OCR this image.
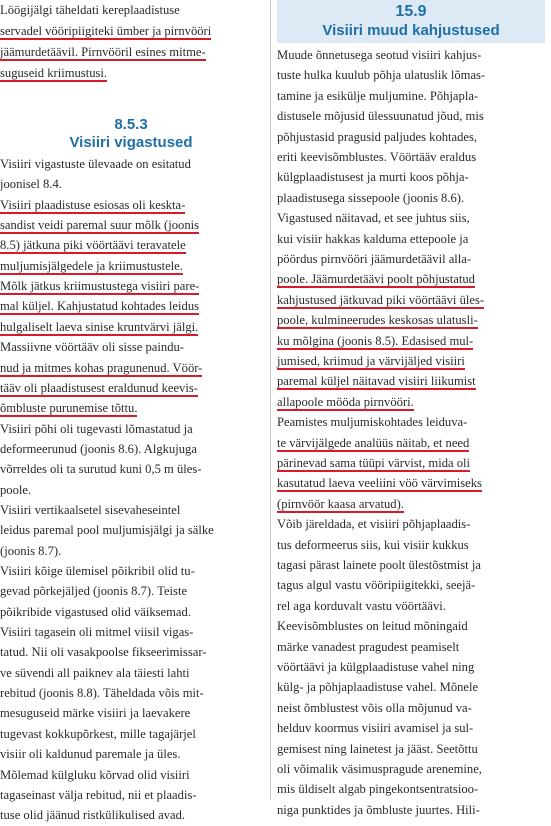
Löögijälgi täheldati kereplaadistuse
servadel vööripiigiteki ümber ja pirnvööri
jäämurdetäävil. Pirnvööril esines mitme-
suguseid kriimustusi.
8.5.3
Visiiri vigastused
Visiiri vigastuste ülevaade on esitatud
joonisel 8.4.
Visiiri plaadistuse esiosas oli keskta-
sandist veidi paremal suur mõlk (joonis
8.5) jätkuna piki vöörtäävi teravatele
muljumisjälgedele ja kriimustustele.
Mõlk jätkus kriimustustega visiiri pare-
mal küljel. Kahjustatud kohtades leidus
hulgaliselt laeva sinise kruntvärvi jälgi.
Massiivne vöörtääv oli sisse paindu-
nud ja mitmes kohas pragunenud. Vöör-
tääv oli plaadistusest eraldunud keevis-
õmbluste purunemise tõttu.
Visiiri põhi oli tugevasti lõmastatud ja
deformeerunud (joonis 8.6). Algkujuga
võrreldes oli ta surutud kuni 0,5 m üles-
poole.
Visiiri vertikaalsetel sisevaheseintel
leidus paremal pool muljumisjälgi ja sälke
(joonis 8.7).
Visiiri kõige ülemisel põikribil olid tu-
gevad põrkejäljed (joonis 8.7). Teiste
põikribide vigastused olid väiksemad.
Visiiri tagasein oli mitmel viisil vigas-
tatud. Nii oli vasakpoolse fikseerimissar-
ve süvendi all paiknev ala täiesti lahti
rebitud (joonis 8.8). Täheldada võis mit-
mesuguseid märke visiiri ja laevakere
tugevast kokkupõrkest, mille tagajärjel
visiir oli kaldunud paremale ja üles.
Mõlemad külgluku kõrvad olid visiiri
tagaseinast välja rebitud, nii et plaadis-
tuse olid jäänud ristkülikulised avad.
15.9
Visiiri muud kahjustused
Muude õnnetusega seotud visiiri kahjus-
tuste hulka kuulub põhja ulatuslik lõmas-
tamine ja esikülje muljumine. Põhjapla-
distusele mõjusid ülessuunatud jõud, mis
põhjustasid pragusid paljudes kohtades,
eriti keevisõmblustes. Vöörtääv eraldus
külgplaadistusest ja murti koos põhja-
plaadistusega sissepoole (joonis 8.6).
Vigastused näitavad, et see juhtus siis,
kui visiir hakkas kalduma ettepoole ja
pöördus pirnvööri jäämurdetäävil alla-
poole. Jäämurdetäävi poolt põhjustatud
kahjustused jätkuvad piki vöörtäävi üles-
poole, kulmineerudes keskosas ulatusli-
ku mõlgina (joonis 8.5). Edasised mul-
jumised, kriimud ja värvijäljed visiiri
paremal küljel näitavad visiiri liikumist
allapoole mööda pirnvööri.
Peamistes muljumiskohtades leiduva-
te värvijälgede analüüs näitab, et need
pärinevad sama tüüpi värvist, mida oli
kasutatud laeva veeliini vöö värvimiseks
(pirnvöör kaasa arvatud).
Võib järeldada, et visiiri põhjaplaadis-
tus deformeerus siis, kui visiir kukkus
tagasi pärast lainete poolt ülestõstmist ja
tagus algul vastu vööripiigitekki, seejä-
rel aga korduvalt vastu vöörtäävi.
Keevisõmblustes on leitud mõningaid
märke vanadest pragudest peamiselt
vöörtäävi ja külgplaadistuse vahel ning
külg- ja põhjaplaadistuse vahel. Mõnele
neist õmblustest võis olla mõjunud va-
helduv koormus visiiri avamisel ja sul-
gemisest ning lainetest ja jääst. Seetõttu
oli võimalik väsimuspragude arenemine,
mis üldiselt algab pingekontsentratsioo-
niga punktides ja õmbluste juurtes. Hili-
